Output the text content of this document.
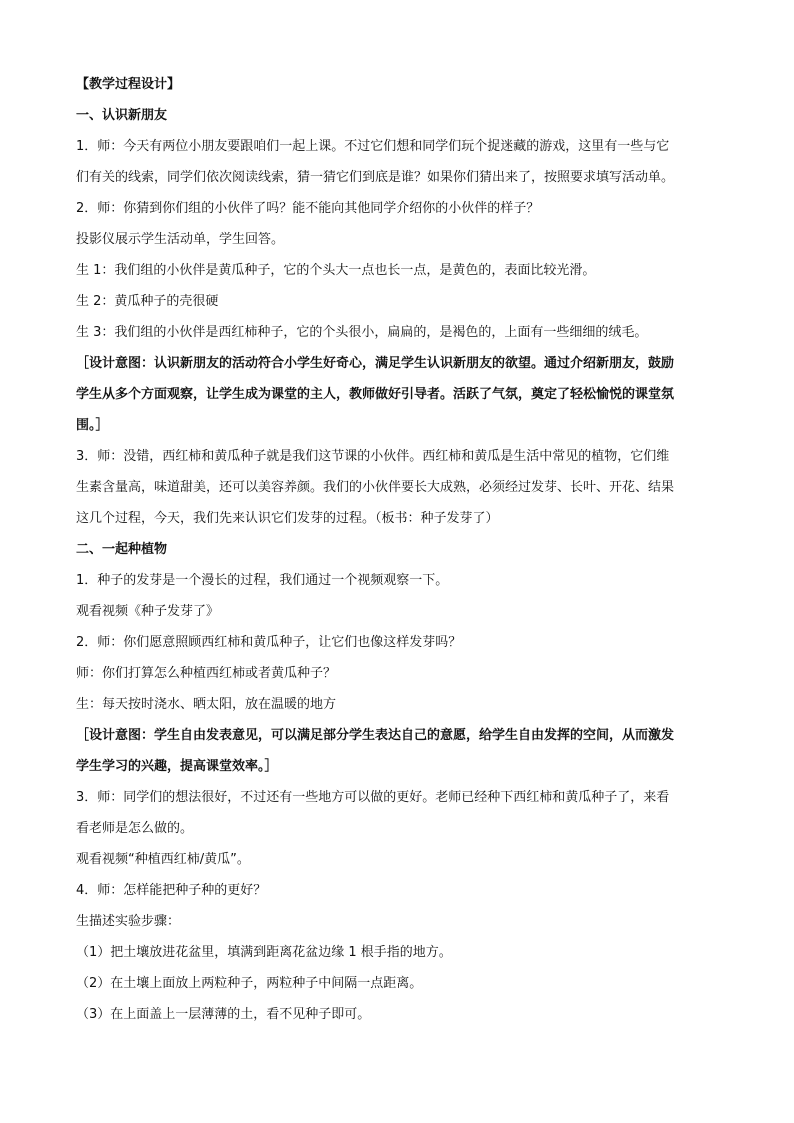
【教学过程设计】
一、认识新朋友
1．师：今天有两位小朋友要跟咱们一起上课。不过它们想和同学们玩个捉迷藏的游戏，这里有一些与它
们有关的线索，同学们依次阅读线索，猜一猜它们到底是谁？如果你们猜出来了，按照要求填写活动单。
2．师：你猜到你们组的小伙伴了吗？能不能向其他同学介绍你的小伙伴的样子？
投影仪展示学生活动单，学生回答。
生 1：我们组的小伙伴是黄瓜种子，它的个头大一点也长一点，是黄色的，表面比较光滑。
生 2：黄瓜种子的壳很硬
生 3：我们组的小伙伴是西红柿种子，它的个头很小，扁扁的，是褐色的，上面有一些细细的绒毛。
［设计意图：认识新朋友的活动符合小学生好奇心，满足学生认识新朋友的欲望。通过介绍新朋友，鼓励
学生从多个方面观察，让学生成为课堂的主人，教师做好引导者。活跃了气氛，奠定了轻松愉悦的课堂氛
围。］
3．师：没错，西红柿和黄瓜种子就是我们这节课的小伙伴。西红柿和黄瓜是生活中常见的植物，它们维
生素含量高，味道甜美，还可以美容养颜。我们的小伙伴要长大成熟，必须经过发芽、长叶、开花、结果
这几个过程，今天，我们先来认识它们发芽的过程。（板书：种子发芽了）
二、一起种植物
1．种子的发芽是一个漫长的过程，我们通过一个视频观察一下。
观看视频《种子发芽了》
2．师：你们愿意照顾西红柿和黄瓜种子，让它们也像这样发芽吗？
师：你们打算怎么种植西红柿或者黄瓜种子？
生：每天按时浇水、晒太阳，放在温暖的地方
［设计意图：学生自由发表意见，可以满足部分学生表达自己的意愿，给学生自由发挥的空间，从而激发
学生学习的兴趣，提高课堂效率。］
3．师：同学们的想法很好，不过还有一些地方可以做的更好。老师已经种下西红柿和黄瓜种子了，来看
看老师是怎么做的。
观看视频“种植西红柿/黄瓜”。
4．师：怎样能把种子种的更好？
生描述实验步骤：
（1）把土壤放进花盆里，填满到距离花盆边缘 1 根手指的地方。
（2）在土壤上面放上两粒种子，两粒种子中间隔一点距离。
（3）在上面盖上一层薄薄的土，看不见种子即可。
